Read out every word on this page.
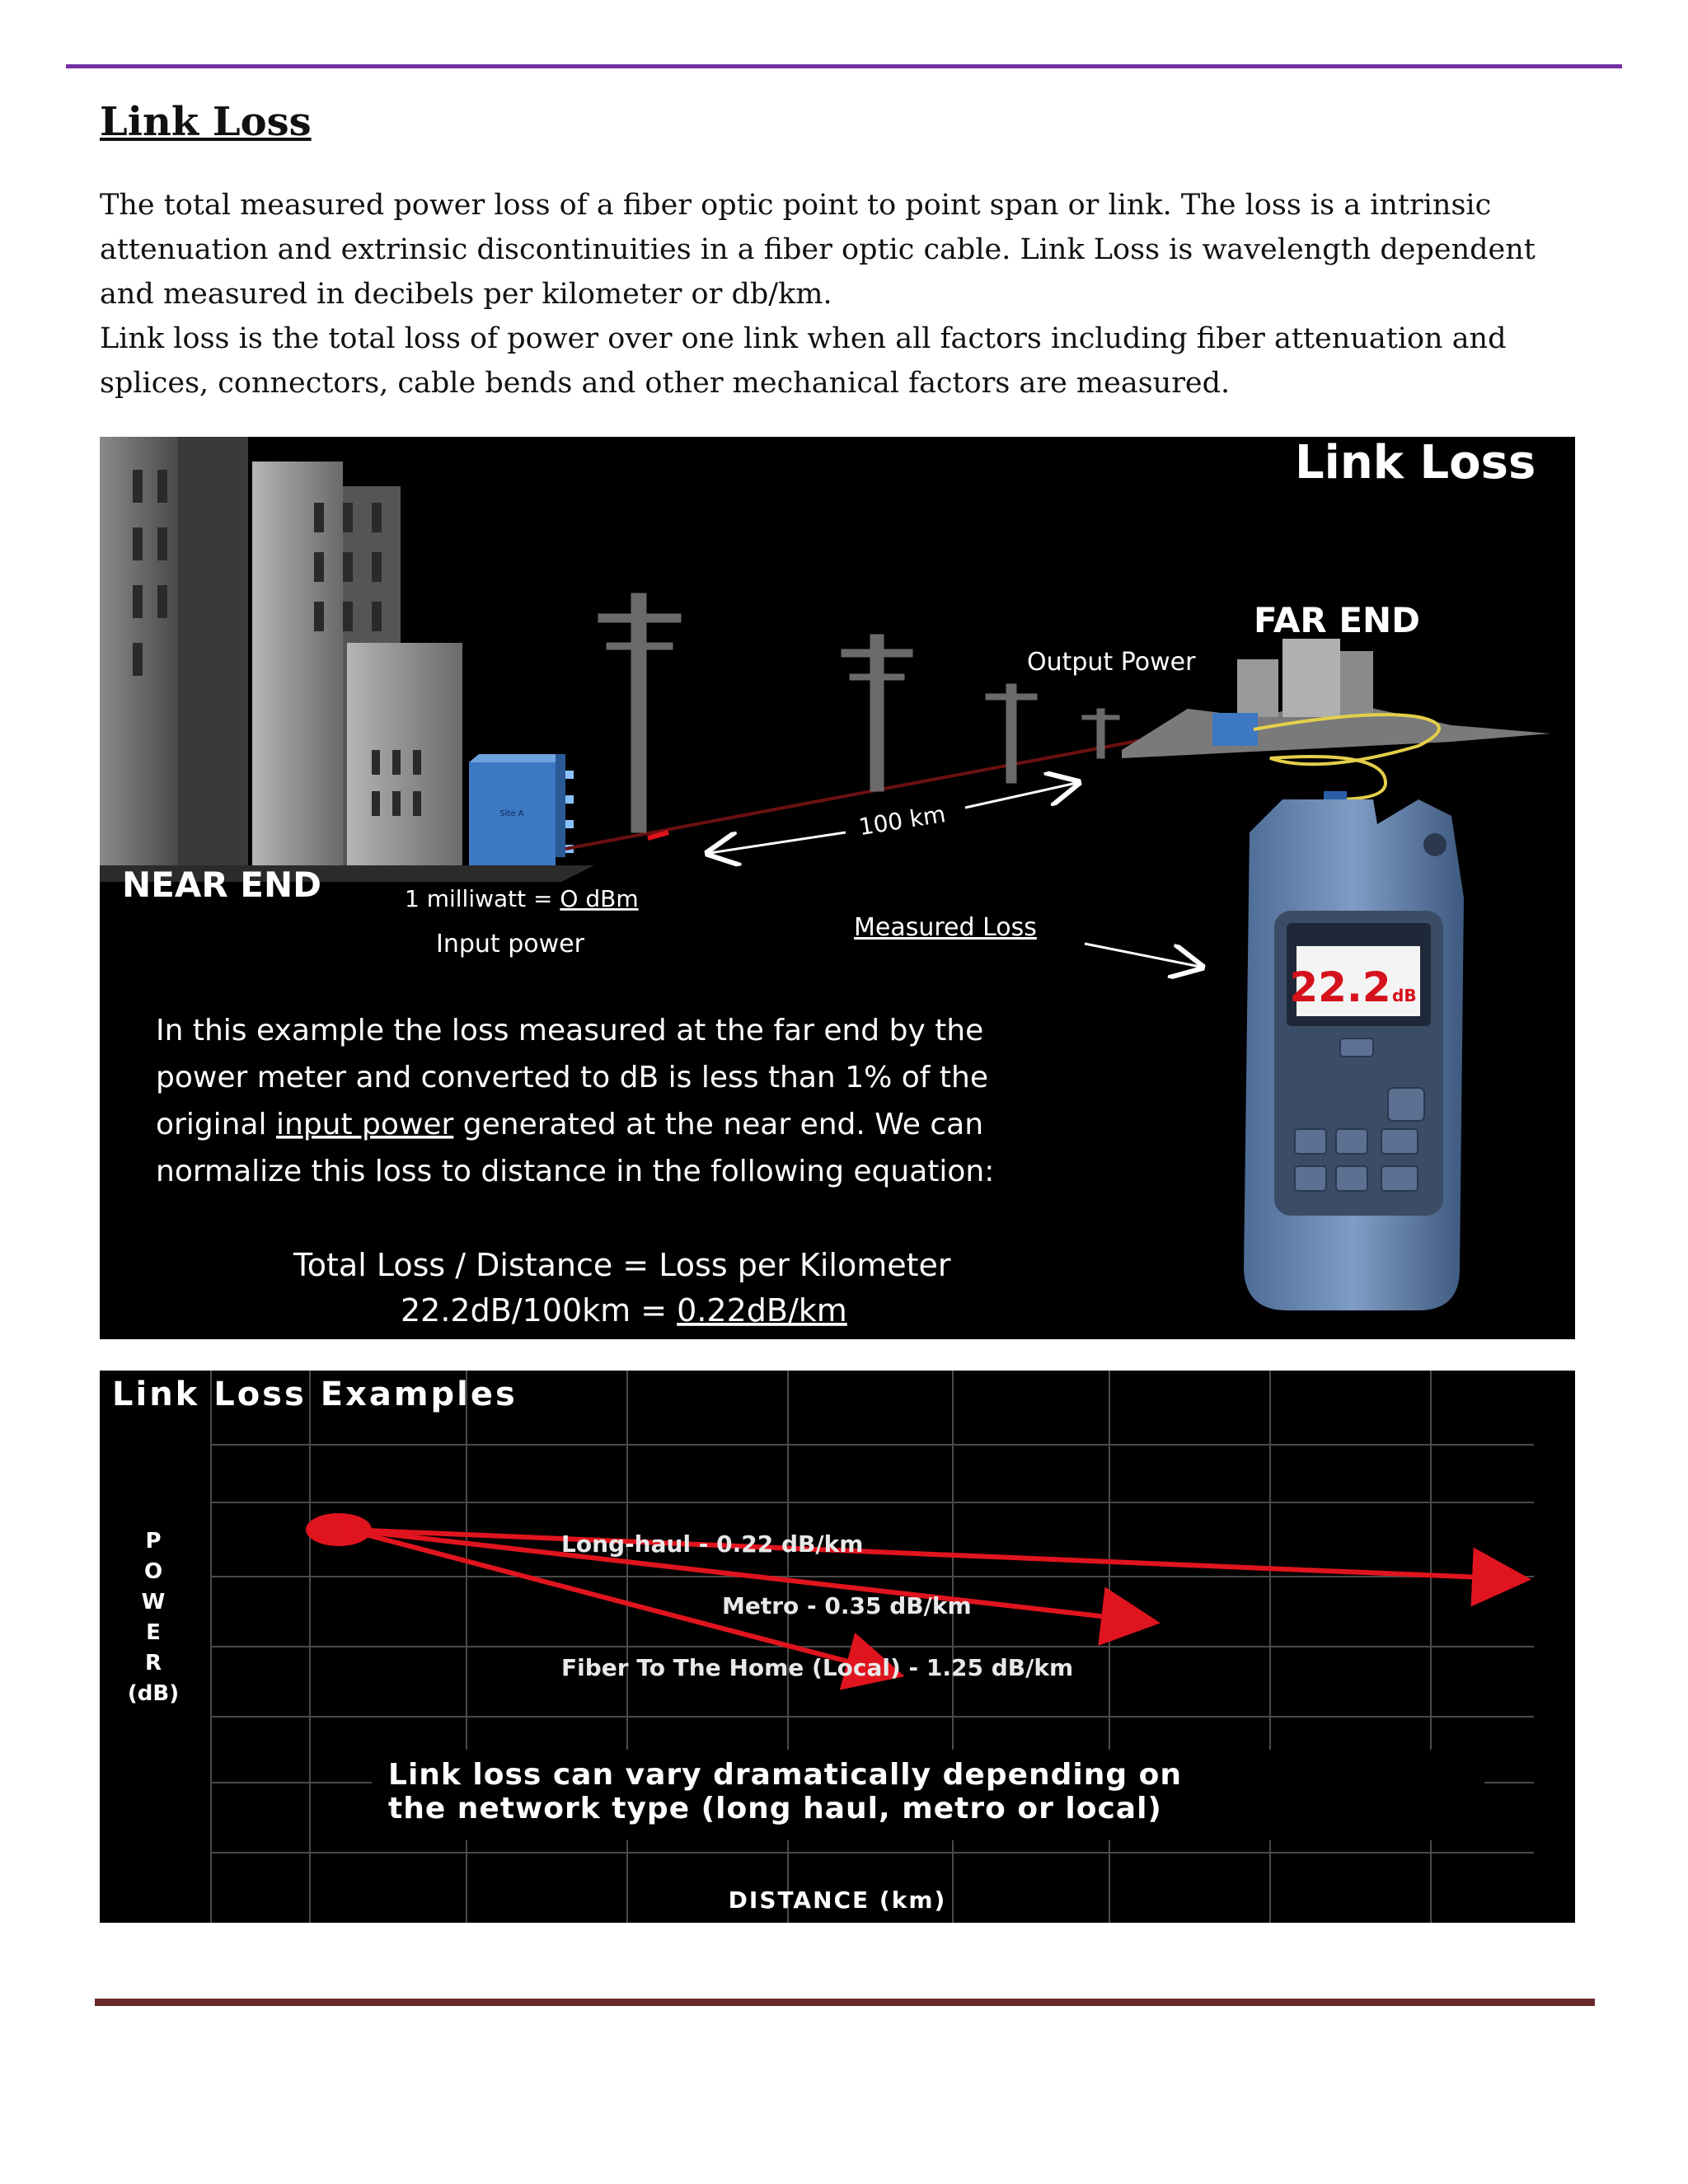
Link Loss

The total measured power loss of a fiber optic point to point span or link. The loss is a intrinsic attenuation and extrinsic discontinuities in a fiber optic cable. Link Loss is wavelength dependent and measured in decibels per kilometer or db/km.

Link loss is the total loss of power over one link when all factors including fiber attenuation and splices, connectors, cable bends and other mechanical factors are measured.

Site A	100 km
22.2 dB
Link Loss
FAR END
Output Power
NEAR END	1 milliwatt = O dBm
Input power
Measured Loss
In this example the loss measured at the far end by the
power meter and converted to dB is less than 1% of the
original input power generated at the near end. We can
normalize this loss to distance in the following equation:
Total Loss / Distance = Loss per Kilometer
22.2dB/100km = 0.22dB/km
Link Loss Examples
P
O
W
E
R
(dB)
Long-haul - 0.22 dB/km
Metro - 0.35 dB/km
Fiber To The Home (Local) - 1.25 dB/km
Link loss can vary dramatically depending on
the network type (long haul, metro or local)
DISTANCE (km)
